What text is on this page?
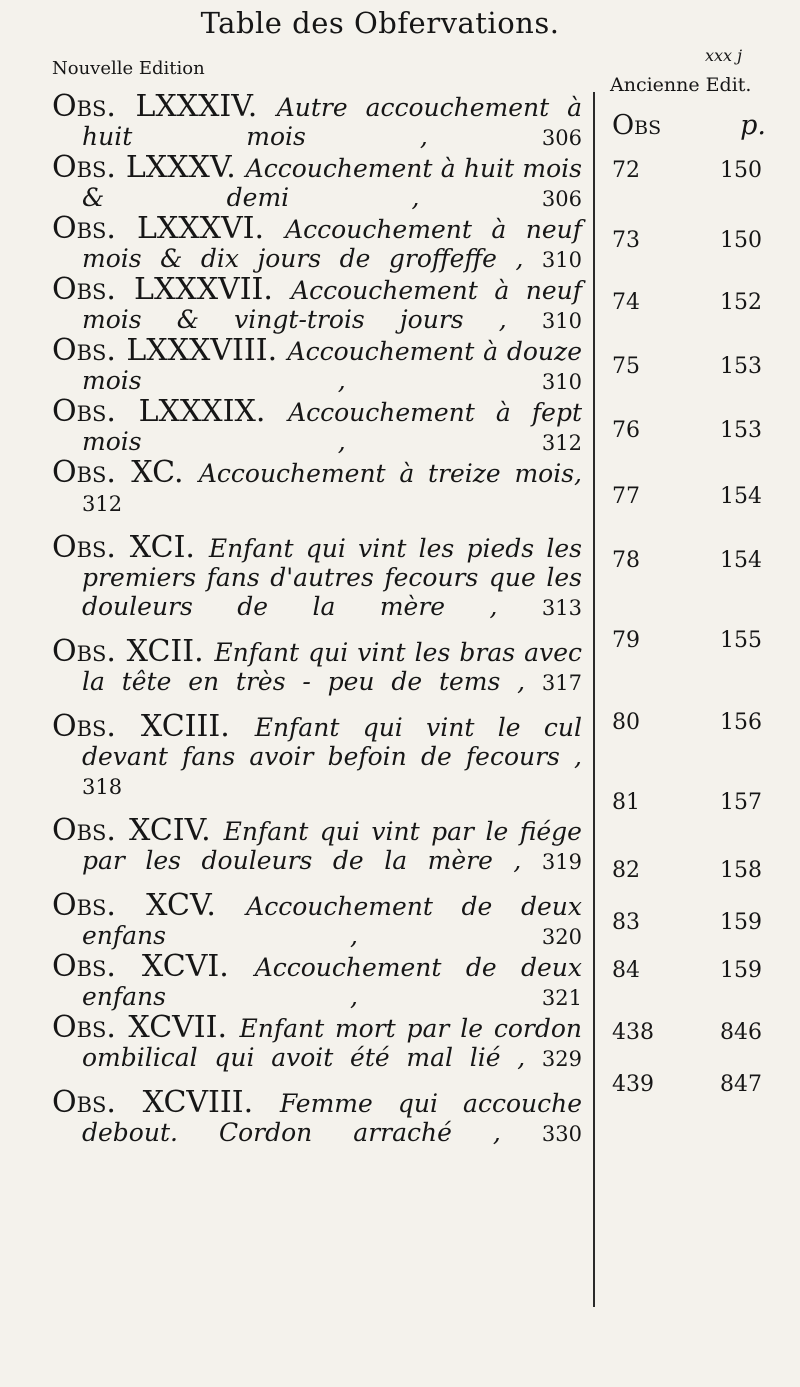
Table des Obfervations.
Nouvelle Edition
xxx j
Ancienne Edit.
Obs. LXXXIV. Autre accouchement à huit mois , 306
Obs. LXXXV. Accouchement à huit mois & demi , 306
Obs. LXXXVI. Accouchement à neuf mois & dix jours de groffeffe , 310
Obs. LXXXVII. Accouchement à neuf mois & vingt-trois jours , 310
Obs. LXXXVIII. Accouchement à douze mois , 310
Obs. LXXXIX. Accouchement à fept mois , 312
Obs. XC. Accouchement à treize mois, 312
Obs. XCI. Enfant qui vint les pieds les premiers fans d'autres fecours que les douleurs de la mère , 313
Obs. XCII. Enfant qui vint les bras avec la tête en très - peu de tems , 317
Obs. XCIII. Enfant qui vint le cul devant fans avoir befoin de fecours , 318
Obs. XCIV. Enfant qui vint par le fiége par les douleurs de la mère , 319
Obs. XCV. Accouchement de deux enfans , 320
Obs. XCVI. Accouchement de deux enfans , 321
Obs. XCVII. Enfant mort par le cordon ombilical qui avoit été mal lié , 329
Obs. XCVIII. Femme qui accouche debout. Cordon arraché , 330
Obs	p.
72	150
73	150
74	152
75	153
76	153
77	154
78	154
79	155
80	156
81	157
82	158
83	159
84	159
438	846
439	847
